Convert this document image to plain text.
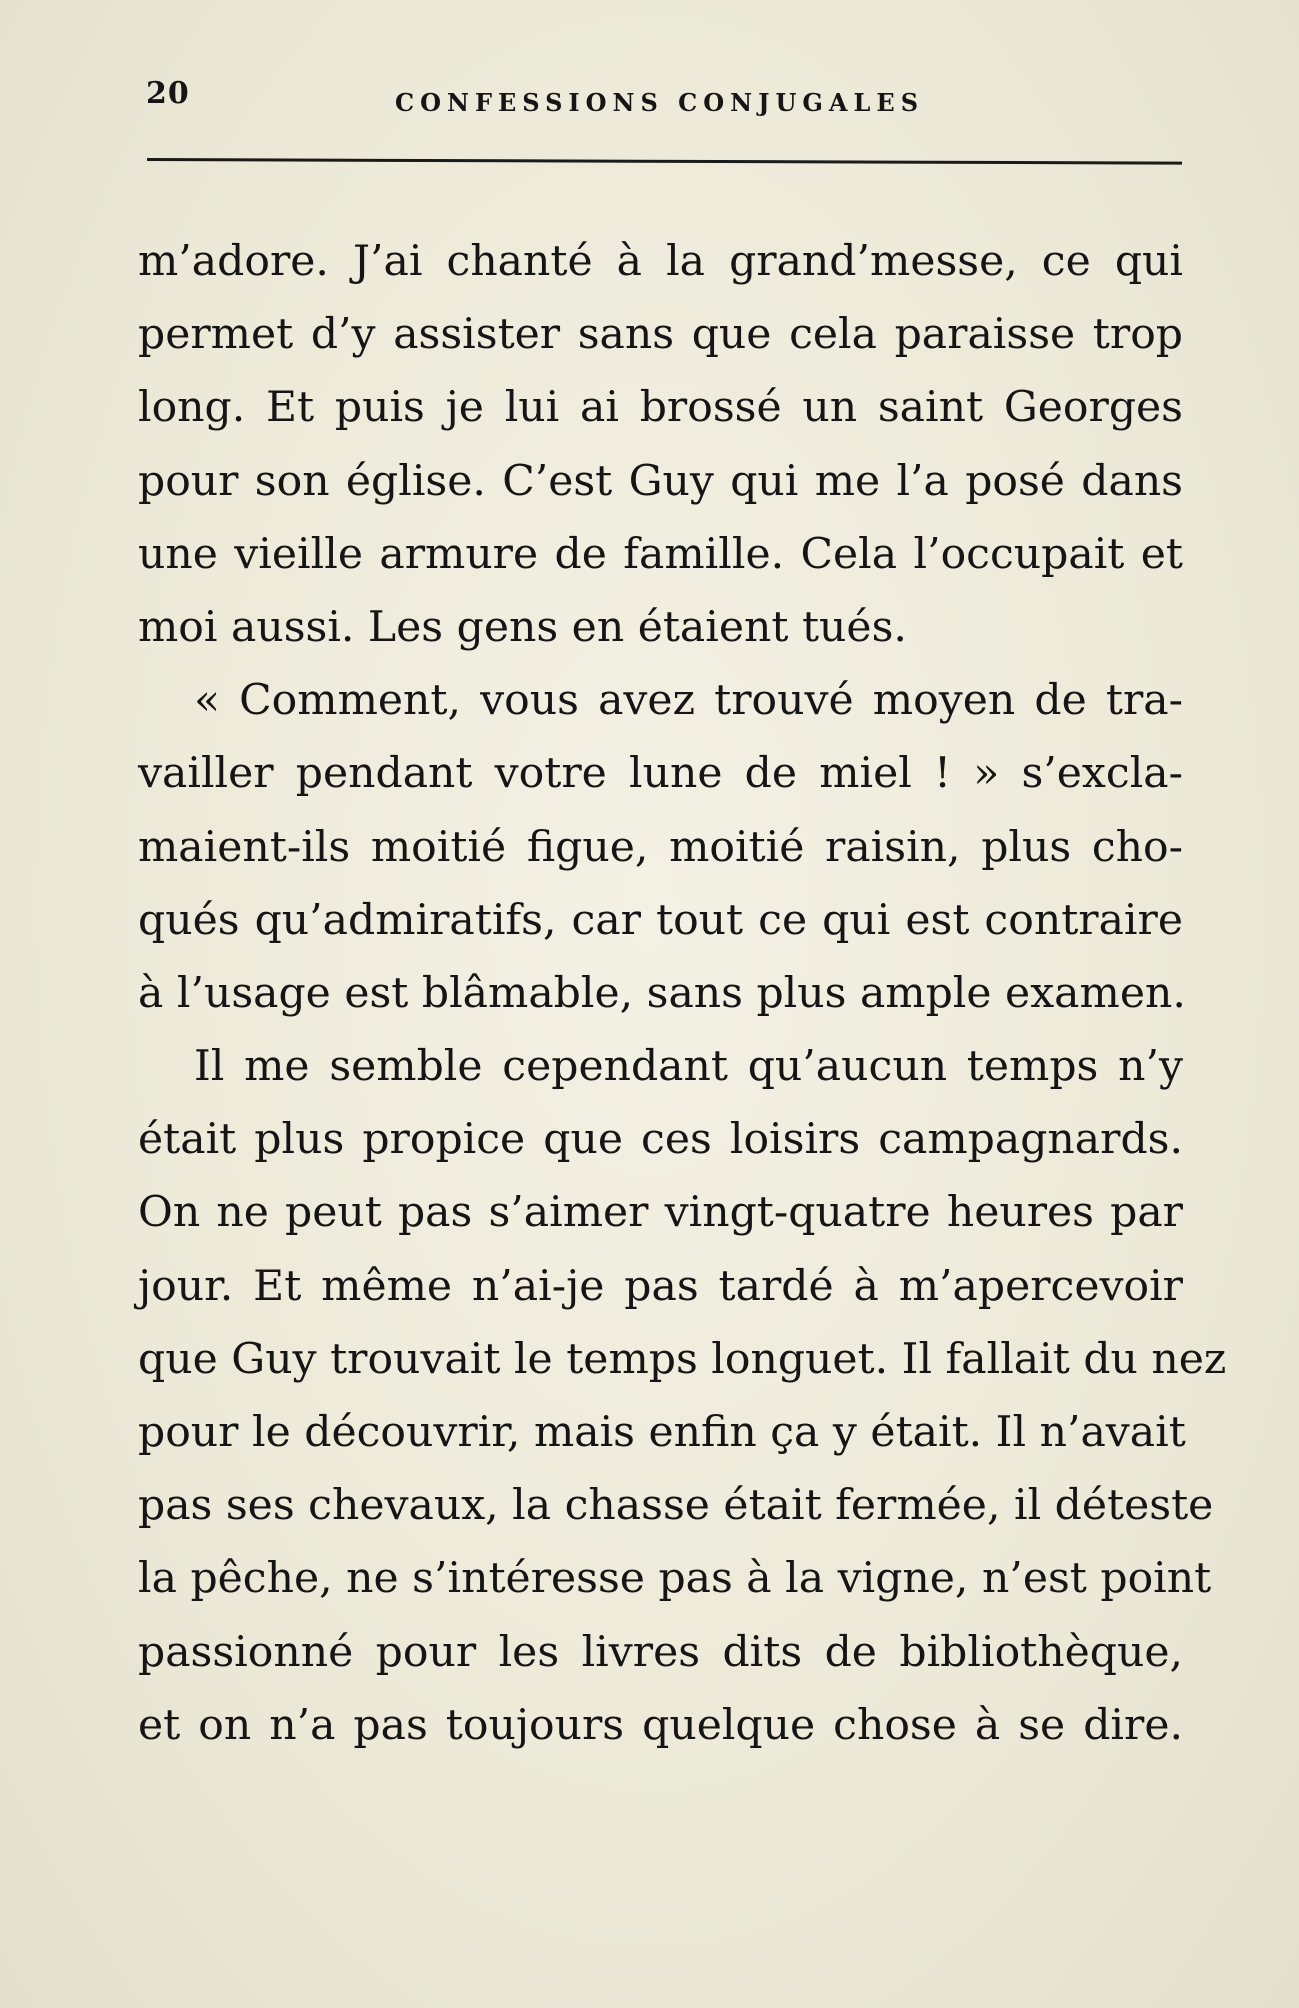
20	CONFESSIONS CONJUGALES
m’adore. J’ai chanté à la grand’messe, ce qui
permet d’y assister sans que cela paraisse trop
long. Et puis je lui ai brossé un saint Georges
pour son église. C’est Guy qui me l’a posé dans
une vieille armure de famille. Cela l’occupait et
moi aussi. Les gens en étaient tués.
« Comment, vous avez trouvé moyen de tra-
vailler pendant votre lune de miel ! » s’excla-
maient-ils moitié figue, moitié raisin, plus cho-
qués qu’admiratifs, car tout ce qui est contraire
à l’usage est blâmable, sans plus ample examen.
Il me semble cependant qu’aucun temps n’y
était plus propice que ces loisirs campagnards.
On ne peut pas s’aimer vingt-quatre heures par
jour. Et même n’ai-je pas tardé à m’apercevoir
que Guy trouvait le temps longuet. Il fallait du nez
pour le découvrir, mais enfin ça y était. Il n’avait
pas ses chevaux, la chasse était fermée, il déteste
la pêche, ne s’intéresse pas à la vigne, n’est point
passionné pour les livres dits de bibliothèque,
et on n’a pas toujours quelque chose à se dire.
